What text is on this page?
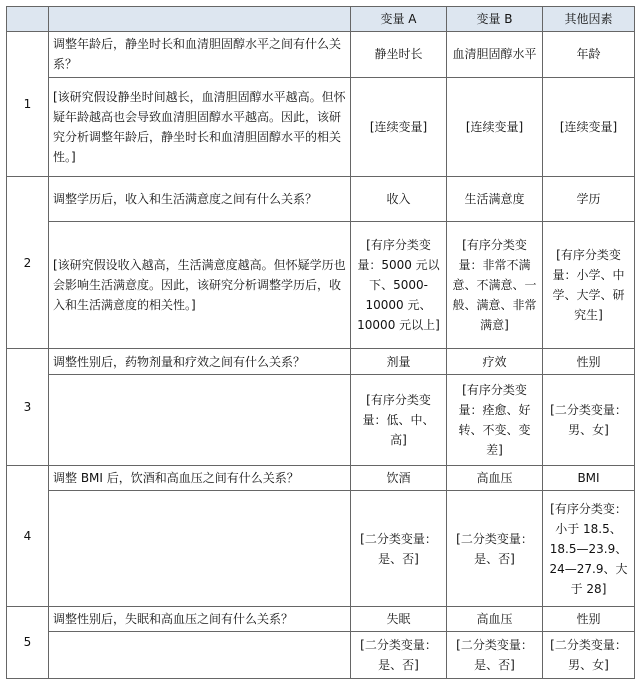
		变量 A	变量 B	其他因素
1	调整年龄后，静坐时长和血清胆固醇水平之间有什么关系？	静坐时长	血清胆固醇水平	年龄
	[该研究假设静坐时间越长，血清胆固醇水平越高。但怀疑年龄越高也会导致血清胆固醇水平越高。因此，该研究分析调整年龄后，静坐时长和血清胆固醇水平的相关性。]	[连续变量]	[连续变量]	[连续变量]
2	调整学历后，收入和生活满意度之间有什么关系？	收入	生活满意度	学历
	[该研究假设收入越高，生活满意度越高。但怀疑学历也会影响生活满意度。因此，该研究分析调整学历后，收入和生活满意度的相关性。]	[有序分类变量：5000 元以下、5000-10000 元、10000 元以上]	[有序分类变量：非常不满意、不满意、一般、满意、非常满意]	[有序分类变量：小学、中学、大学、研究生]
3	调整性别后，药物剂量和疗效之间有什么关系？	剂量	疗效	性别
		[有序分类变量：低、中、高]	[有序分类变量：痊愈、好转、不变、变差]	[二分类变量：男、女]
4	调整 BMI 后，饮酒和高血压之间有什么关系？	饮酒	高血压	BMI
		[二分类变量：是、否]	[二分类变量：是、否]	[有序分类变：小于 18.5、18.5—23.9、24—27.9、大于 28]
5	调整性别后，失眠和高血压之间有什么关系？	失眠	高血压	性别
		[二分类变量：是、否]	[二分类变量：是、否]	[二分类变量：男、女]
